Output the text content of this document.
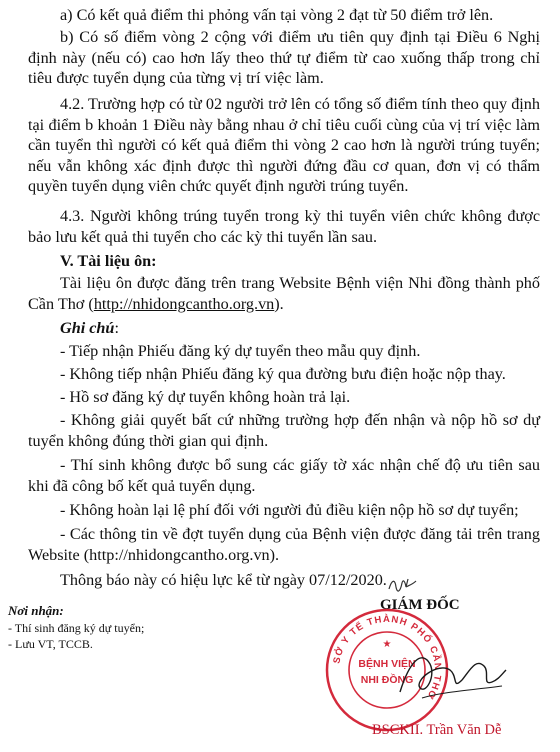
a) Có kết quả điểm thi phỏng vấn tại vòng 2 đạt từ 50 điểm trở lên.

b) Có số điểm vòng 2 cộng với điểm ưu tiên quy định tại Điều 6 Nghị định này (nếu có) cao hơn lấy theo thứ tự điểm từ cao xuống thấp trong chỉ tiêu được tuyển dụng của từng vị trí việc làm.

4.2. Trường hợp có từ 02 người trở lên có tổng số điểm tính theo quy định tại điểm b khoản 1 Điều này bằng nhau ở chỉ tiêu cuối cùng của vị trí việc làm cần tuyển thì người có kết quả điểm thi vòng 2 cao hơn là người trúng tuyển; nếu vẫn không xác định được thì người đứng đầu cơ quan, đơn vị có thẩm quyền tuyển dụng viên chức quyết định người trúng tuyển.

4.3. Người không trúng tuyển trong kỳ thi tuyển viên chức không được bảo lưu kết quả thi tuyển cho các kỳ thi tuyển lần sau.

V. Tài liệu ôn:

Tài liệu ôn được đăng trên trang Website Bệnh viện Nhi đồng thành phố Cần Thơ (http://nhidongcantho.org.vn).

Ghi chú:

- Tiếp nhận Phiếu đăng ký dự tuyển theo mẫu quy định.

- Không tiếp nhận Phiếu đăng ký qua đường bưu điện hoặc nộp thay.

- Hồ sơ đăng ký dự tuyển không hoàn trả lại.

- Không giải quyết bất cứ những trường hợp đến nhận và nộp hồ sơ dự tuyển không đúng thời gian qui định.

- Thí sinh không được bổ sung các giấy tờ xác nhận chế độ ưu tiên sau khi đã công bố kết quả tuyển dụng.

- Không hoàn lại lệ phí đối với người đủ điều kiện nộp hồ sơ dự tuyển;

- Các thông tin về đợt tuyển dụng của Bệnh viện được đăng tải trên trang Website (http://nhidongcantho.org.vn).

Thông báo này có hiệu lực kể từ ngày 07/12/2020.

Nơi nhận:
- Thí sinh đăng ký dự tuyển;
- Lưu VT, TCCB.
GIÁM ĐỐC
SỞ Y TẾ THÀNH PHỐ CẦN THƠ
BỆNH VIỆN
NHI ĐỒNG
★
BSCKII. Trần Văn Dễ
